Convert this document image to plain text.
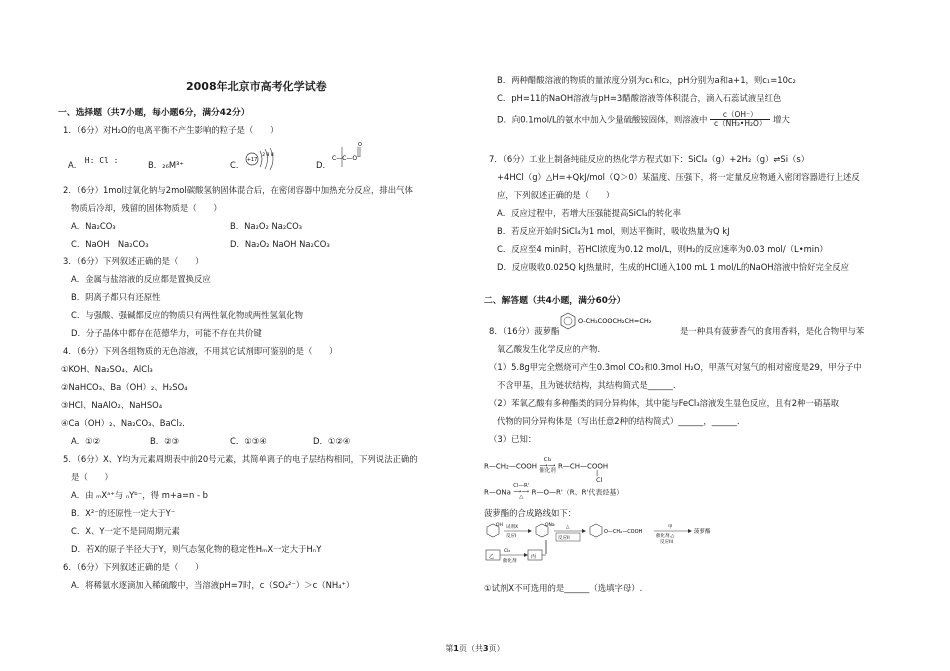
2008年北京市高考化学试卷
一、选择题（共7小题，每小题6分，满分42分）
1．（6分）对H₂O的电离平衡不产生影响的粒子是（　　）
A． H: Cl :	B．₂₆M³⁺	C． +17
2 8 8
D．
O
C—C—O⁻
2．（6分）1mol过氧化钠与2mol碳酸氢钠固体混合后，在密闭容器中加热充分反应，排出气体
物质后冷却，残留的固体物质是（　　）
A．Na₂CO₃	B．Na₂O₂ Na₂CO₃
C．NaOH　Na₂CO₃	D．Na₂O₂ NaOH Na₂CO₃
3．（6分）下列叙述正确的是（　　）
A．金属与盐溶液的反应都是置换反应
B．阴离子都只有还原性
C．与强酸、强碱都反应的物质只有两性氧化物或两性氢氧化物
D．分子晶体中都存在范德华力，可能不存在共价键
4．（6分）下列各组物质的无色溶液，不用其它试剂即可鉴别的是（　　）
①KOH、Na₂SO₄、AlCl₃
②NaHCO₃、Ba（OH）₂、H₂SO₄
③HCl、NaAlO₂、NaHSO₄
④Ca（OH）₂、Na₂CO₃、BaCl₂.
A．①②	B．②③	C．①③④	D．①②④
5．（6分）X、Y均为元素周期表中前20号元素，其简单离子的电子层结构相同，下列说法正确的
是（　　）
A．由 ₘXᵃ⁺与 ₙYᵇ⁻，得 m+a=n - b
B．X²⁻的还原性一定大于Y⁻
C．X、Y一定不是同周期元素
D．若X的原子半径大于Y，则气态氢化物的稳定性HₘX一定大于HₙY
6．（6分）下列叙述正确的是（　　）
A．将稀氨水逐滴加入稀硫酸中，当溶液pH=7时，c（SO₄²⁻）＞c（NH₄⁺）
B．两种醋酸溶液的物质的量浓度分别为c₁和c₂，pH分别为a和a+1，则c₁=10c₂
C．pH=11的NaOH溶液与pH=3醋酸溶液等体积混合，滴入石蕊试液呈红色
D．向0.1mol/L的氨水中加入少量硫酸铵固体，则溶液中 $\frac{c(OH^-)}{\text{c（NH₃•H₂O）}}$ 增大
7．（6分）工业上制备纯硅反应的热化学方程式如下：SiCl₄（g）+2H₂（g）⇌Si（s）
+4HCl（g）△H=+QkJ/mol（Q＞0）某温度、压强下，将一定量反应物通入密闭容器进行上述反
应，下列叙述正确的是（　　）
A．反应过程中，若增大压强能提高SiCl₄的转化率
B．若反应开始时SiCl₄为1 mol，则达平衡时，吸收热量为Q kJ
C．反应至4 min时，若HCl浓度为0.12 mol/L，则H₂的反应速率为0.03 mol/（L•min）
D．反应吸收0.025Q kJ热量时，生成的HCl通入100 mL 1 mol/L的NaOH溶液中恰好完全反应
二、解答题（共4小题，满分60分）
8．（16分）菠萝酯
O-CH₂COOCH₂CH=CH₂
是一种具有菠萝香气的食用香料，是化合物甲与苯
氧乙酸发生化学反应的产物.
（1）5.8g甲完全燃烧可产生0.3mol CO₂和0.3mol H₂O，甲蒸气对氢气的相对密度是29，甲分子中
不含甲基，且为链状结构，其结构简式是______.
（2）苯氧乙酸有多种酯类的同分异构体，其中能与FeCl₃溶液发生显色反应，且有2种一硝基取
代物的同分异构体是（写出任意2种的结构简式）______，______.
（3）已知：
R—CH₂—COOH
Cl₂
⟶⟶
催化剂
R—CH—COOH
|
Cl
R—ONa
Cl—R'
⟶⟶
△
R—O—R'（R、R'代表烃基）
菠萝酯的合成路线如下：
OH 试剂X
反应I
ONa
乙
Cl₂
催化剂
丙
△
反应II
O—CH₂—COOH
甲
催化剂,△
反应III
菠萝酯
①试剂X不可选用的是______（选填字母）.
第1页（共3页）
